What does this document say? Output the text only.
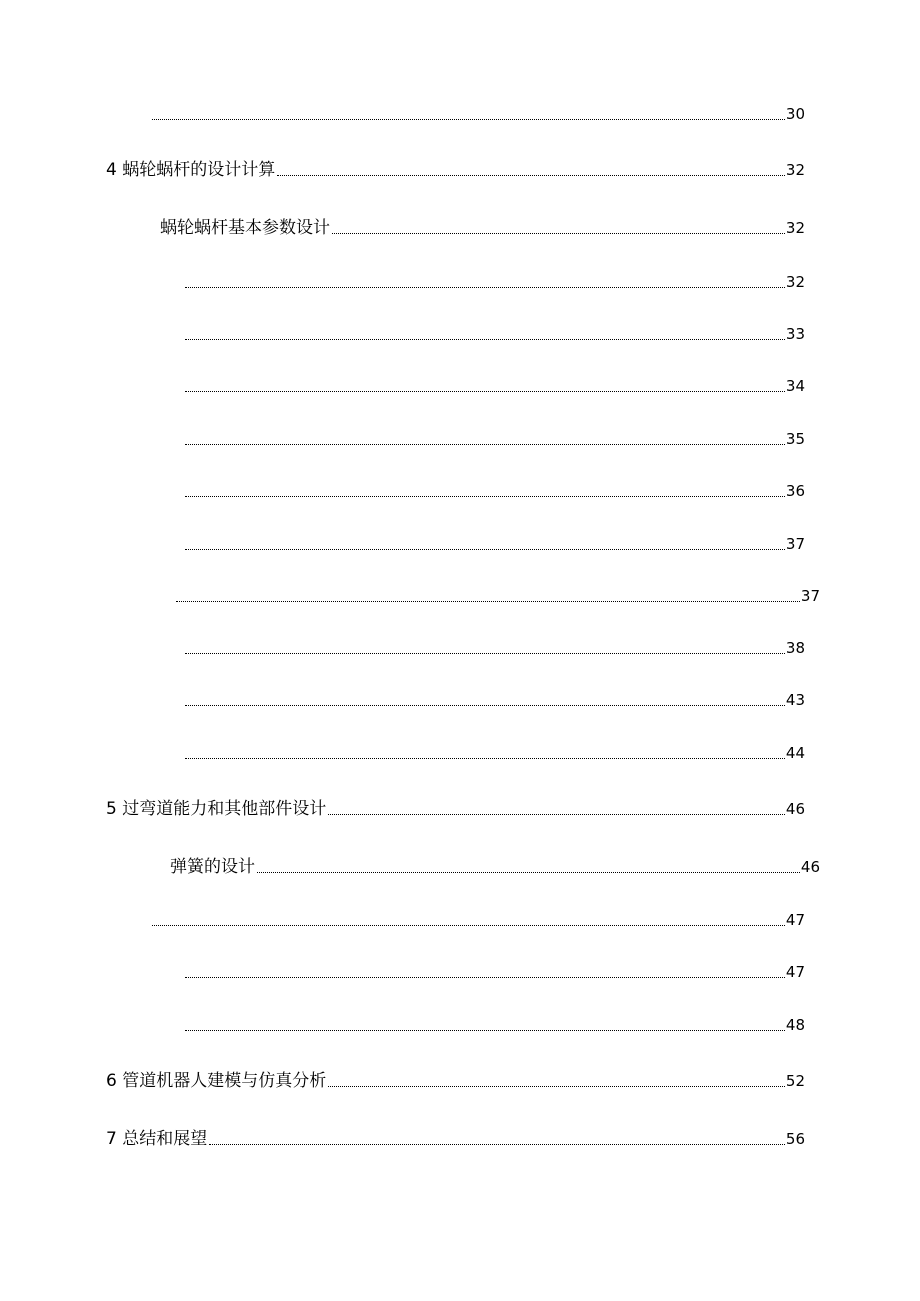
30
4 蜗轮蜗杆的设计计算	32
蜗轮蜗杆基本参数设计	32
32
33
34
35
36
37
37
38
43
44
5 过弯道能力和其他部件设计	46
弹簧的设计	46
47
47
48
6 管道机器人建模与仿真分析	52
7 总结和展望	56
